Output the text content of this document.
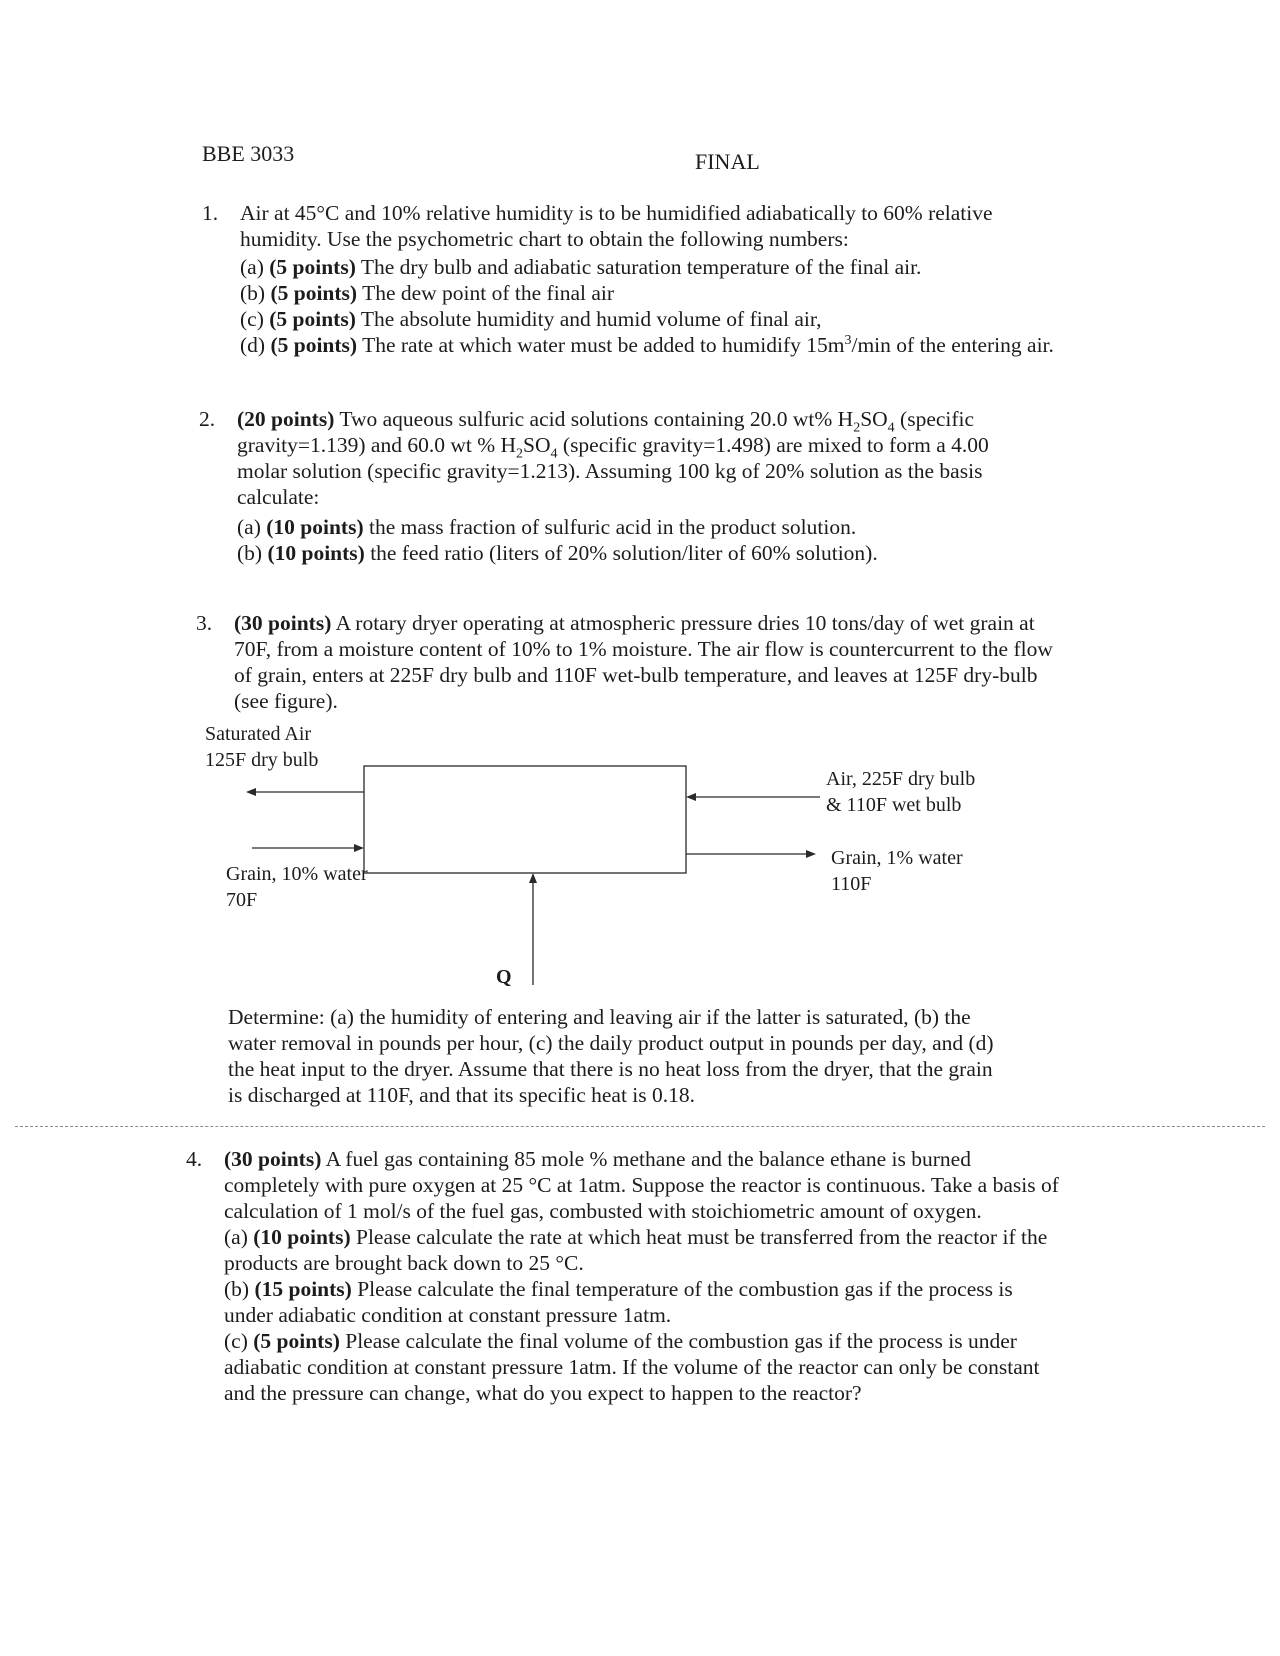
BBE 3033	FINAL
1. Air at 45°C and 10% relative humidity is to be humidified adiabatically to 60% relative

humidity. Use the psychometric chart to obtain the following numbers:

(a) (5 points) The dry bulb and adiabatic saturation temperature of the final air.

(b) (5 points) The dew point of the final air

(c) (5 points) The absolute humidity and humid volume of final air,

(d) (5 points) The rate at which water must be added to humidify $15m^3/\min$ of the entering air.

2. (20 points) Two aqueous sulfuric acid solutions containing 20.0 wt% $H_2SO_4$ (specific

gravity=1.139) and 60.0 wt % $H_2SO_4$ (specific gravity=1.498) are mixed to form a 4.00

molar solution (specific gravity=1.213). Assuming 100 kg of 20% solution as the basis

calculate:

(a) (10 points) the mass fraction of sulfuric acid in the product solution.

(b) (10 points) the feed ratio (liters of 20% solution/liter of 60% solution).

3. (30 points) A rotary dryer operating at atmospheric pressure dries 10 tons/day of wet grain at

70F, from a moisture content of 10% to 1% moisture. The air flow is countercurrent to the flow

of grain, enters at 225F dry bulb and 110F wet-bulb temperature, and leaves at 125F dry-bulb

(see figure).

Saturated Air
125F dry bulb
Air, 225F dry bulb
& 110F wet bulb
Grain, 10% water
70F
Grain, 1% water
110F
Q

Determine: (a) the humidity of entering and leaving air if the latter is saturated, (b) the

water removal in pounds per hour, (c) the daily product output in pounds per day, and (d)

the heat input to the dryer. Assume that there is no heat loss from the dryer, that the grain

is discharged at 110F, and that its specific heat is 0.18.

4. (30 points) A fuel gas containing 85 mole % methane and the balance ethane is burned

completely with pure oxygen at 25 °C at 1atm. Suppose the reactor is continuous. Take a basis of

calculation of 1 mol/s of the fuel gas, combusted with stoichiometric amount of oxygen.

(a) (10 points) Please calculate the rate at which heat must be transferred from the reactor if the

products are brought back down to 25 °C.

(b) (15 points) Please calculate the final temperature of the combustion gas if the process is

under adiabatic condition at constant pressure 1atm.

(c) (5 points) Please calculate the final volume of the combustion gas if the process is under

adiabatic condition at constant pressure 1atm. If the volume of the reactor can only be constant

and the pressure can change, what do you expect to happen to the reactor?
